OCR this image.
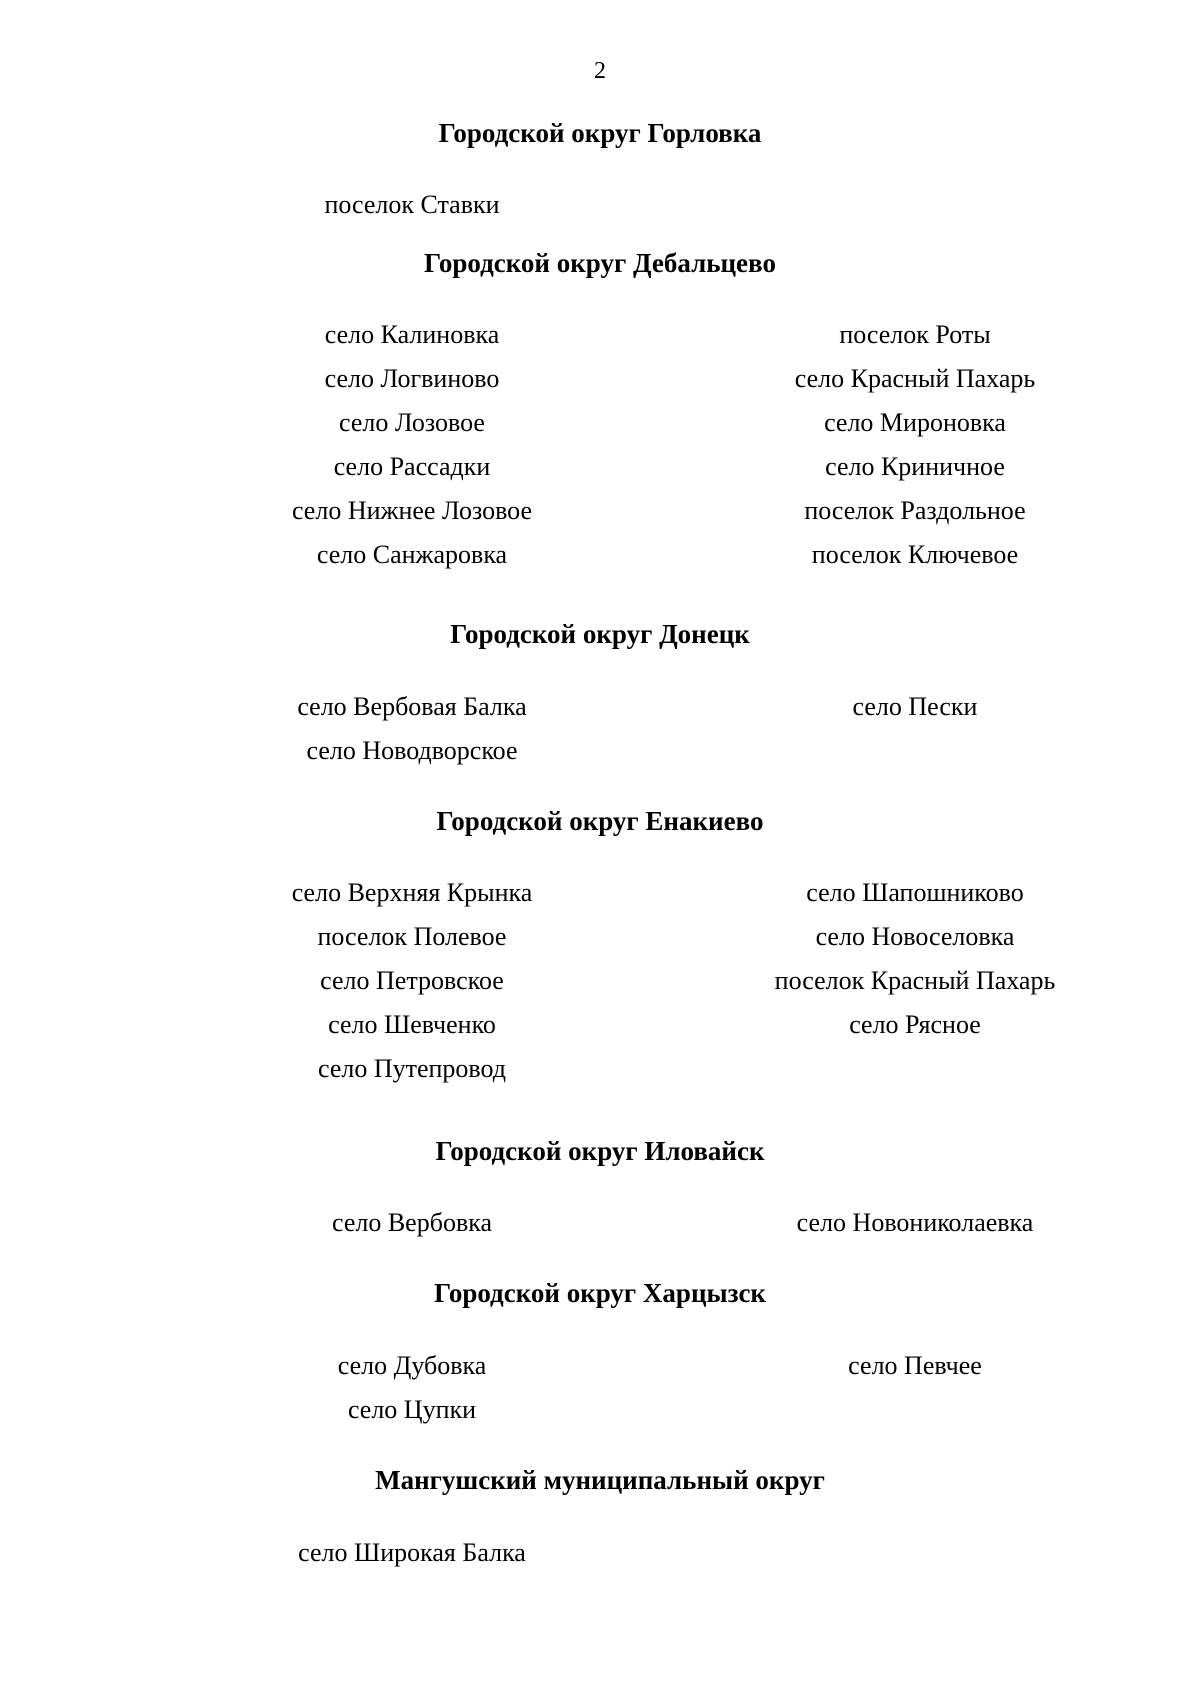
2
Городской округ Горловка
поселок Ставки
Городской округ Дебальцево
село Калиновка
село Логвиново
село Лозовое
село Рассадки
село Нижнее Лозовое
село Санжаровка
поселок Роты
село Красный Пахарь
село Мироновка
село Криничное
поселок Раздольное
поселок Ключевое
Городской округ Донецк
село Вербовая Балка
село Новодворское
село Пески
Городской округ Енакиево
село Верхняя Крынка
поселок Полевое
село Петровское
село Шевченко
село Путепровод
село Шапошниково
село Новоселовка
поселок Красный Пахарь
село Рясное
Городской округ Иловайск
село Вербовка	село Новониколаевка
Городской округ Харцызск
село Дубовка
село Цупки
село Певчее
Мангушский муниципальный округ
село Широкая Балка
